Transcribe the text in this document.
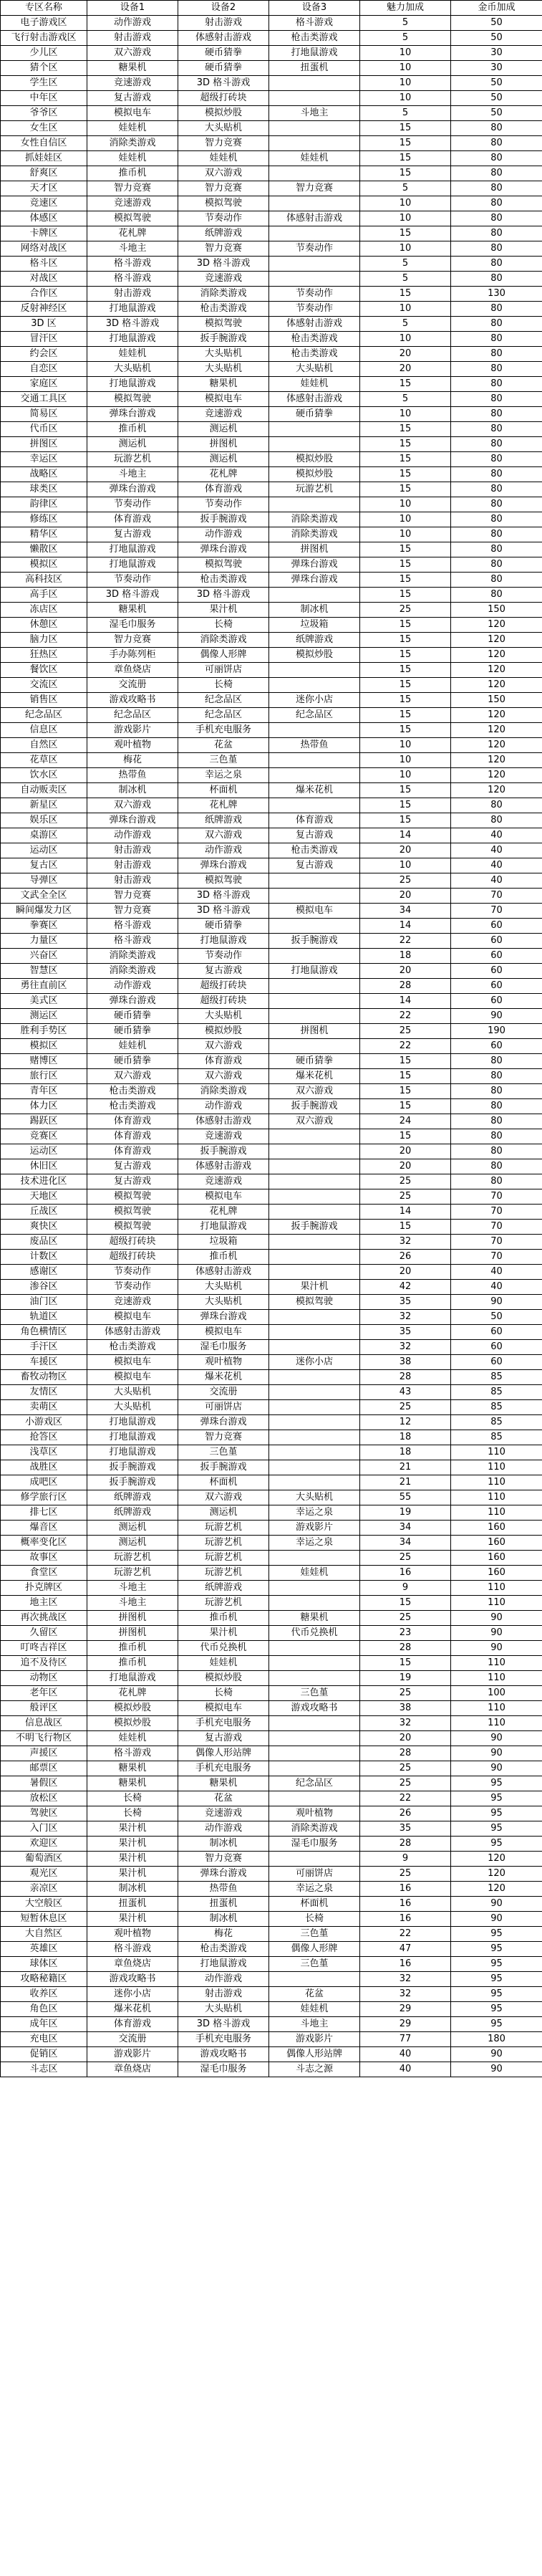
专区名称	设备1	设备2	设备3	魅力加成	金币加成
电子游戏区	动作游戏	射击游戏	格斗游戏	5	50
飞行射击游戏区	射击游戏	体感射击游戏	枪击类游戏	5	50
少儿区	双六游戏	硬币猜拳	打地鼠游戏	10	30
猜个区	糖果机	硬币猜拳	扭蛋机	10	30
学生区	竞速游戏	3D 格斗游戏		10	50
中年区	复古游戏	超级打砖块		10	50
爷爷区	模拟电车	模拟炒股	斗地主	5	50
女生区	娃娃机	大头贴机		15	80
女性自信区	消除类游戏	智力竞赛		15	80
抓娃娃区	娃娃机	娃娃机	娃娃机	15	80
舒爽区	推币机	双六游戏		15	80
天才区	智力竞赛	智力竞赛	智力竞赛	5	80
竞速区	竞速游戏	模拟驾驶		10	80
体感区	模拟驾驶	节奏动作	体感射击游戏	10	80
卡牌区	花札牌	纸牌游戏		15	80
网络对战区	斗地主	智力竞赛	节奏动作	10	80
格斗区	格斗游戏	3D 格斗游戏		5	80
对战区	格斗游戏	竞速游戏		5	80
合作区	射击游戏	消除类游戏	节奏动作	15	130
反射神经区	打地鼠游戏	枪击类游戏	节奏动作	10	80
3D 区	3D 格斗游戏	模拟驾驶	体感射击游戏	5	80
冒汗区	打地鼠游戏	扳手腕游戏	枪击类游戏	10	80
约会区	娃娃机	大头贴机	枪击类游戏	20	80
自恋区	大头贴机	大头贴机	大头贴机	20	80
家庭区	打地鼠游戏	糖果机	娃娃机	15	80
交通工具区	模拟驾驶	模拟电车	体感射击游戏	5	80
简易区	弹珠台游戏	竞速游戏	硬币猜拳	10	80
代币区	推币机	测运机		15	80
拼图区	测运机	拼图机		15	80
幸运区	玩游艺机	测运机	模拟炒股	15	80
战略区	斗地主	花札牌	模拟炒股	15	80
球类区	弹珠台游戏	体育游戏	玩游艺机	15	80
韵律区	节奏动作	节奏动作		10	80
修练区	体育游戏	扳手腕游戏	消除类游戏	10	80
精华区	复古游戏	动作游戏	消除类游戏	10	80
懒散区	打地鼠游戏	弹珠台游戏	拼图机	15	80
模拟区	打地鼠游戏	模拟驾驶	弹珠台游戏	15	80
高科技区	节奏动作	枪击类游戏	弹珠台游戏	15	80
高手区	3D 格斗游戏	3D 格斗游戏		15	80
冻店区	糖果机	果汁机	制冰机	25	150
休憩区	湿毛巾服务	长椅	垃圾箱	15	120
脑力区	智力竞赛	消除类游戏	纸牌游戏	15	120
狂热区	手办陈列柜	偶像人形牌	模拟炒股	15	120
餐饮区	章鱼烧店	可丽饼店		15	120
交流区	交流册	长椅		15	120
销售区	游戏攻略书	纪念品区	迷你小店	15	150
纪念品区	纪念品区	纪念品区	纪念品区	15	120
信息区	游戏影片	手机充电服务		15	120
自然区	观叶植物	花盆	热带鱼	10	120
花草区	梅花	三色堇		10	120
饮水区	热带鱼	幸运之泉		10	120
自动贩卖区	制冰机	杯面机	爆米花机	15	120
新星区	双六游戏	花札牌		15	80
娱乐区	弹珠台游戏	纸牌游戏	体育游戏	15	80
桌游区	动作游戏	双六游戏	复古游戏	14	40
运动区	射击游戏	动作游戏	枪击类游戏	20	40
复古区	射击游戏	弹珠台游戏	复古游戏	10	40
导弹区	射击游戏	模拟驾驶		25	40
文武全全区	智力竞赛	3D 格斗游戏		20	70
瞬间爆发力区	智力竞赛	3D 格斗游戏	模拟电车	34	70
拳赛区	格斗游戏	硬币猜拳		14	60
力量区	格斗游戏	打地鼠游戏	扳手腕游戏	22	60
兴奋区	消除类游戏	节奏动作		18	60
智慧区	消除类游戏	复古游戏	打地鼠游戏	20	60
勇往直前区	动作游戏	超级打砖块		28	60
美式区	弹珠台游戏	超级打砖块		14	60
测运区	硬币猜拳	大头贴机		22	90
胜利手势区	硬币猜拳	模拟炒股	拼图机	25	190
模拟区	娃娃机	双六游戏		22	60
赌博区	硬币猜拳	体育游戏	硬币猜拳	15	80
旅行区	双六游戏	双六游戏	爆米花机	15	80
青年区	枪击类游戏	消除类游戏	双六游戏	15	80
体力区	枪击类游戏	动作游戏	扳手腕游戏	15	80
踢跃区	体育游戏	体感射击游戏	双六游戏	24	80
竞赛区	体育游戏	竞速游戏		15	80
运动区	体育游戏	扳手腕游戏		20	80
休旧区	复古游戏	体感射击游戏		20	80
技术进化区	复古游戏	竞速游戏		25	80
天地区	模拟驾驶	模拟电车		25	70
丘战区	模拟驾驶	花札牌		14	70
爽快区	模拟驾驶	打地鼠游戏	扳手腕游戏	15	70
废品区	超级打砖块	垃圾箱		32	70
计数区	超级打砖块	推币机		26	70
感谢区	节奏动作	体感射击游戏		20	40
渗谷区	节奏动作	大头贴机	果汁机	42	40
油门区	竞速游戏	大头贴机	模拟驾驶	35	90
轨道区	模拟电车	弹珠台游戏		32	50
角色横情区	体感射击游戏	模拟电车		35	60
手汗区	枪击类游戏	湿毛巾服务		32	60
车援区	模拟电车	观叶植物	迷你小店	38	60
畜牧动物区	模拟电车	爆米花机		28	85
友情区	大头贴机	交流册		43	85
卖萌区	大头贴机	可丽饼店		25	85
小游戏区	打地鼠游戏	弹珠台游戏		12	85
抢答区	打地鼠游戏	智力竞赛		18	85
浅草区	打地鼠游戏	三色堇		18	110
战胜区	扳手腕游戏	扳手腕游戏		21	110
成吧区	扳手腕游戏	杯面机		21	110
修学旅行区	纸牌游戏	双六游戏	大头贴机	55	110
排七区	纸牌游戏	测运机	幸运之泉	19	110
爆音区	测运机	玩游艺机	游戏影片	34	160
概率变化区	测运机	玩游艺机	幸运之泉	34	160
故事区	玩游艺机	玩游艺机		25	160
食堂区	玩游艺机	玩游艺机	娃娃机	16	160
扑克牌区	斗地主	纸牌游戏		9	110
地主区	斗地主	玩游艺机		15	110
再次挑战区	拼图机	推币机	糖果机	25	90
久留区	拼图机	果汁机	代币兑换机	23	90
叮咚吉祥区	推币机	代币兑换机		28	90
追不及待区	推币机	娃娃机		15	110
动物区	打地鼠游戏	模拟炒股		19	110
老年区	花札牌	长椅	三色堇	25	100
般评区	模拟炒股	模拟电车	游戏攻略书	38	110
信息战区	模拟炒股	手机充电服务		32	110
不明飞行物区	娃娃机	复古游戏		20	90
声援区	格斗游戏	偶像人形站牌		28	90
邮票区	糖果机	手机充电服务		25	90
暑假区	糖果机	糖果机	纪念品区	25	95
放松区	长椅	花盆		22	95
驾驶区	长椅	竞速游戏	观叶植物	26	95
入门区	果汁机	动作游戏	消除类游戏	35	95
欢迎区	果汁机	制冰机	湿毛巾服务	28	95
葡萄酒区	果汁机	智力竞赛		9	120
观光区	果汁机	弹珠台游戏	可丽饼店	25	120
亲凉区	制冰机	热带鱼	幸运之泉	16	120
大空般区	扭蛋机	扭蛋机	杯面机	16	90
短暂休息区	果汁机	制冰机	长椅	16	90
大自然区	观叶植物	梅花	三色堇	22	95
英雄区	格斗游戏	枪击类游戏	偶像人形牌	47	95
球体区	章鱼烧店	打地鼠游戏	三色堇	16	95
攻略秘籍区	游戏攻略书	动作游戏		32	95
收养区	迷你小店	射击游戏	花盆	32	95
角色区	爆米花机	大头贴机	娃娃机	29	95
成年区	体育游戏	3D 格斗游戏	斗地主	29	95
充电区	交流册	手机充电服务	游戏影片	77	180
促销区	游戏影片	游戏攻略书	偶像人形站牌	40	90
斗志区	章鱼烧店	湿毛巾服务	斗志之源	40	90
